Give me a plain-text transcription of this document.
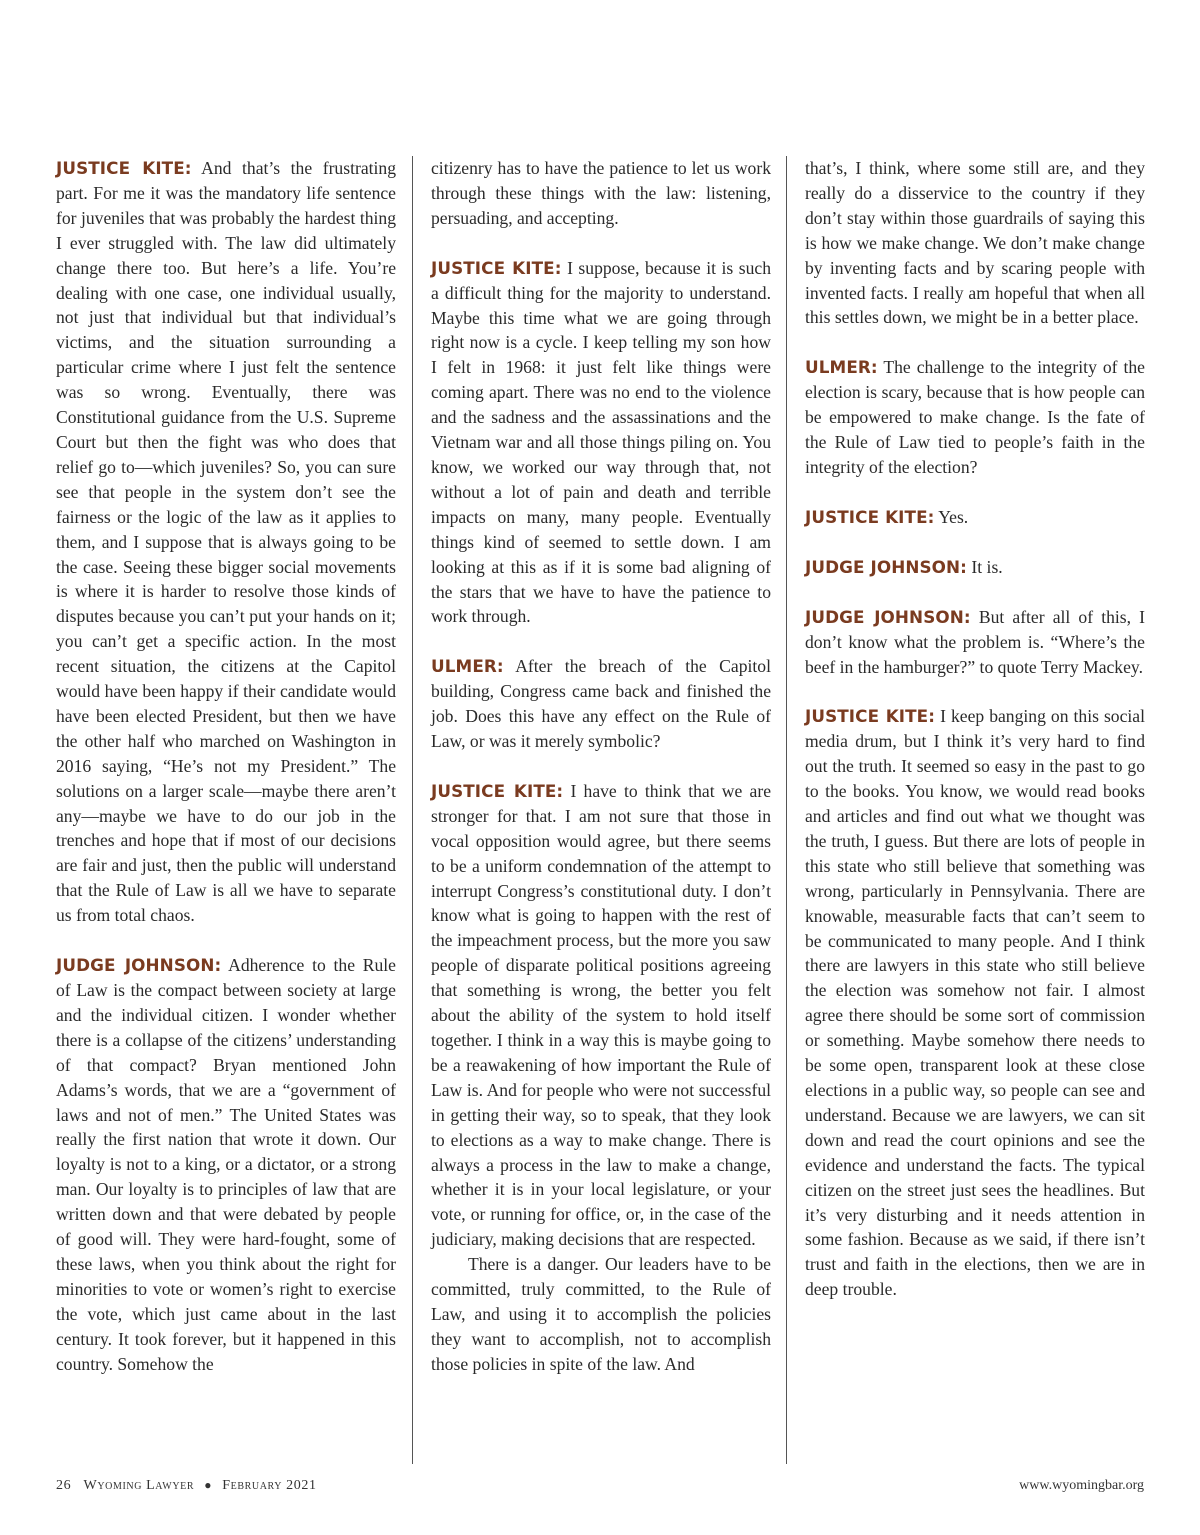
JUSTICE KITE: And that’s the frustrating part. For me it was the mandatory life sentence for juveniles that was probably the hardest thing I ever struggled with. The law did ultimately change there too. But here’s a life. You’re dealing with one case, one individual usually, not just that individual but that individual’s victims, and the situation surrounding a particular crime where I just felt the sentence was so wrong. Eventually, there was Constitutional guidance from the U.S. Supreme Court but then the fight was who does that relief go to—which juveniles? So, you can sure see that people in the system don’t see the fairness or the logic of the law as it applies to them, and I suppose that is always going to be the case. Seeing these bigger social movements is where it is harder to resolve those kinds of disputes because you can’t put your hands on it; you can’t get a specific action. In the most recent situation, the citizens at the Capitol would have been happy if their candidate would have been elected President, but then we have the other half who marched on Washington in 2016 saying, “He’s not my President.” The solutions on a larger scale—maybe there aren’t any—maybe we have to do our job in the trenches and hope that if most of our decisions are fair and just, then the public will understand that the Rule of Law is all we have to separate us from total chaos.

JUDGE JOHNSON: Adherence to the Rule of Law is the compact between society at large and the individual citizen. I wonder whether there is a collapse of the citizens’ understanding of that compact? Bryan mentioned John Adams’s words, that we are a “government of laws and not of men.” The United States was really the first nation that wrote it down. Our loyalty is not to a king, or a dictator, or a strong man. Our loyalty is to principles of law that are written down and that were debated by people of good will. They were hard-fought, some of these laws, when you think about the right for minorities to vote or women’s right to exercise the vote, which just came about in the last century. It took forever, but it happened in this country. Somehow the

citizenry has to have the patience to let us work through these things with the law: listening, persuading, and accepting.

JUSTICE KITE: I suppose, because it is such a difficult thing for the majority to understand. Maybe this time what we are going through right now is a cycle. I keep telling my son how I felt in 1968: it just felt like things were coming apart. There was no end to the violence and the sadness and the assassinations and the Vietnam war and all those things piling on. You know, we worked our way through that, not without a lot of pain and death and terrible impacts on many, many people. Eventually things kind of seemed to settle down. I am looking at this as if it is some bad aligning of the stars that we have to have the patience to work through.

ULMER: After the breach of the Capitol building, Congress came back and finished the job. Does this have any effect on the Rule of Law, or was it merely symbolic?

JUSTICE KITE: I have to think that we are stronger for that. I am not sure that those in vocal opposition would agree, but there seems to be a uniform condemnation of the attempt to interrupt Congress’s constitutional duty. I don’t know what is going to happen with the rest of the impeachment process, but the more you saw people of disparate political positions agreeing that something is wrong, the better you felt about the ability of the system to hold itself together. I think in a way this is maybe going to be a reawakening of how important the Rule of Law is. And for people who were not successful in getting their way, so to speak, that they look to elections as a way to make change. There is always a process in the law to make a change, whether it is in your local legislature, or your vote, or running for office, or, in the case of the judiciary, making decisions that are respected.

There is a danger. Our leaders have to be committed, truly committed, to the Rule of Law, and using it to accomplish the policies they want to accomplish, not to accomplish those policies in spite of the law. And

that’s, I think, where some still are, and they really do a disservice to the country if they don’t stay within those guardrails of saying this is how we make change. We don’t make change by inventing facts and by scaring people with invented facts. I really am hopeful that when all this settles down, we might be in a better place.

ULMER: The challenge to the integrity of the election is scary, because that is how people can be empowered to make change. Is the fate of the Rule of Law tied to people’s faith in the integrity of the election?

JUSTICE KITE: Yes.

JUDGE JOHNSON: It is.

JUDGE JOHNSON: But after all of this, I don’t know what the problem is. “Where’s the beef in the hamburger?” to quote Terry Mackey.

JUSTICE KITE: I keep banging on this social media drum, but I think it’s very hard to find out the truth. It seemed so easy in the past to go to the books. You know, we would read books and articles and find out what we thought was the truth, I guess. But there are lots of people in this state who still believe that something was wrong, particularly in Pennsylvania. There are knowable, measurable facts that can’t seem to be communicated to many people. And I think there are lawyers in this state who still believe the election was somehow not fair. I almost agree there should be some sort of commission or something. Maybe somehow there needs to be some open, transparent look at these close elections in a public way, so people can see and understand. Because we are lawyers, we can sit down and read the court opinions and see the evidence and understand the facts. The typical citizen on the street just sees the headlines. But it’s very disturbing and it needs attention in some fashion. Because as we said, if there isn’t trust and faith in the elections, then we are in deep trouble.

26 Wyoming Lawyer ● February 2021	www.wyomingbar.org
